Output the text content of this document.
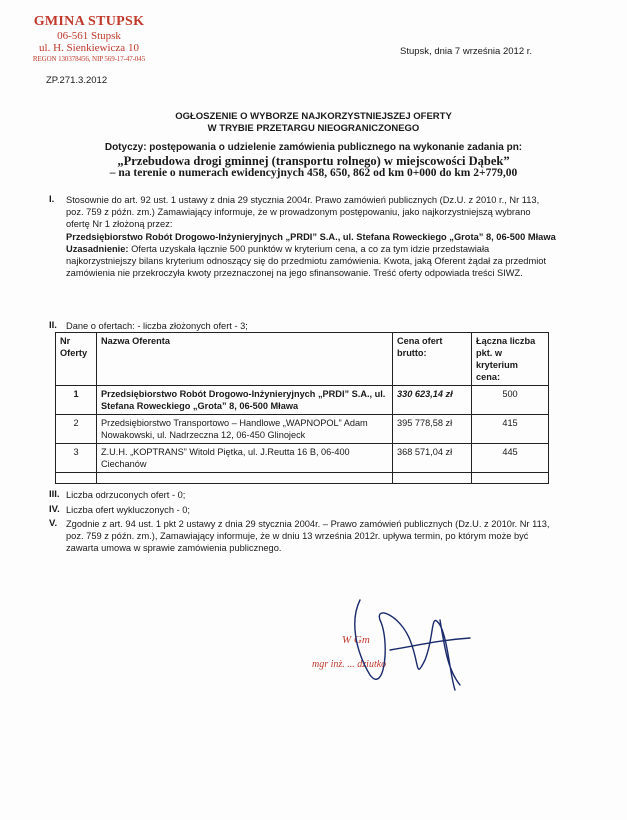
GMINA STUPSK
06-561 Stupsk
ul. H. Sienkiewicza 10
REGON 130378456, NIP 569-17-47-045
Stupsk, dnia 7 września 2012 r.
ZP.271.3.2012
OGŁOSZENIE O WYBORZE NAJKORZYSTNIEJSZEJ OFERTY
W TRYBIE PRZETARGU NIEOGRANICZONEGO
Dotyczy: postępowania o udzielenie zamówienia publicznego na wykonanie zadania pn:
„Przebudowa drogi gminnej (transportu rolnego) w miejscowości Dąbek”
– na terenie o numerach ewidencyjnych 458, 650, 862 od km 0+000 do km 2+779,00
I. Stosownie do art. 92 ust. 1 ustawy z dnia 29 stycznia 2004r. Prawo zamówień publicznych (Dz.U. z 2010 r., Nr 113, poz. 759 z późn. zm.) Zamawiający informuje, że w prowadzonym postępowaniu, jako najkorzystniejszą wybrano ofertę Nr 1 złożoną przez:
Przedsiębiorstwo Robót Drogowo-Inżynieryjnych „PRDI” S.A., ul. Stefana Roweckiego „Grota” 8, 06-500 Mława
Uzasadnienie: Oferta uzyskała łącznie 500 punktów w kryterium cena, a co za tym idzie przedstawiała najkorzystniejszy bilans kryterium odnoszący się do przedmiotu zamówienia. Kwota, jaką Oferent żądał za przedmiot zamówienia nie przekroczyła kwoty przeznaczonej na jego sfinansowanie. Treść oferty odpowiada treści SIWZ.
II. Dane o ofertach: - liczba złożonych ofert - 3;
Nr Oferty	Nazwa Oferenta	Cena ofert brutto:	Łączna liczba pkt. w kryterium cena:
1	Przedsiębiorstwo Robót Drogowo-Inżynieryjnych „PRDI” S.A., ul. Stefana Roweckiego „Grota” 8, 06-500 Mława	330 623,14 zł	500
2	Przedsiębiorstwo Transportowo – Handlowe „WAPNOPOL” Adam Nowakowski, ul. Nadrzeczna 12, 06-450 Glinojeck	395 778,58 zł	415
3	Z.U.H. „KOPTRANS” Witold Piętka, ul. J.Reutta 16 B, 06-400 Ciechanów	368 571,04 zł	445

III. Liczba odrzuconych ofert - 0;
IV. Liczba ofert wykluczonych - 0;
V. Zgodnie z art. 94 ust. 1 pkt 2 ustawy z dnia 29 stycznia 2004r. – Prawo zamówień publicznych (Dz.U. z 2010r. Nr 113, poz. 759 z późn. zm.), Zamawiający informuje, że w dniu 13 września 2012r. upływa termin, po którym może być zawarta umowa w sprawie zamówienia publicznego.
W Gm
mgr inż. ... dziutko
